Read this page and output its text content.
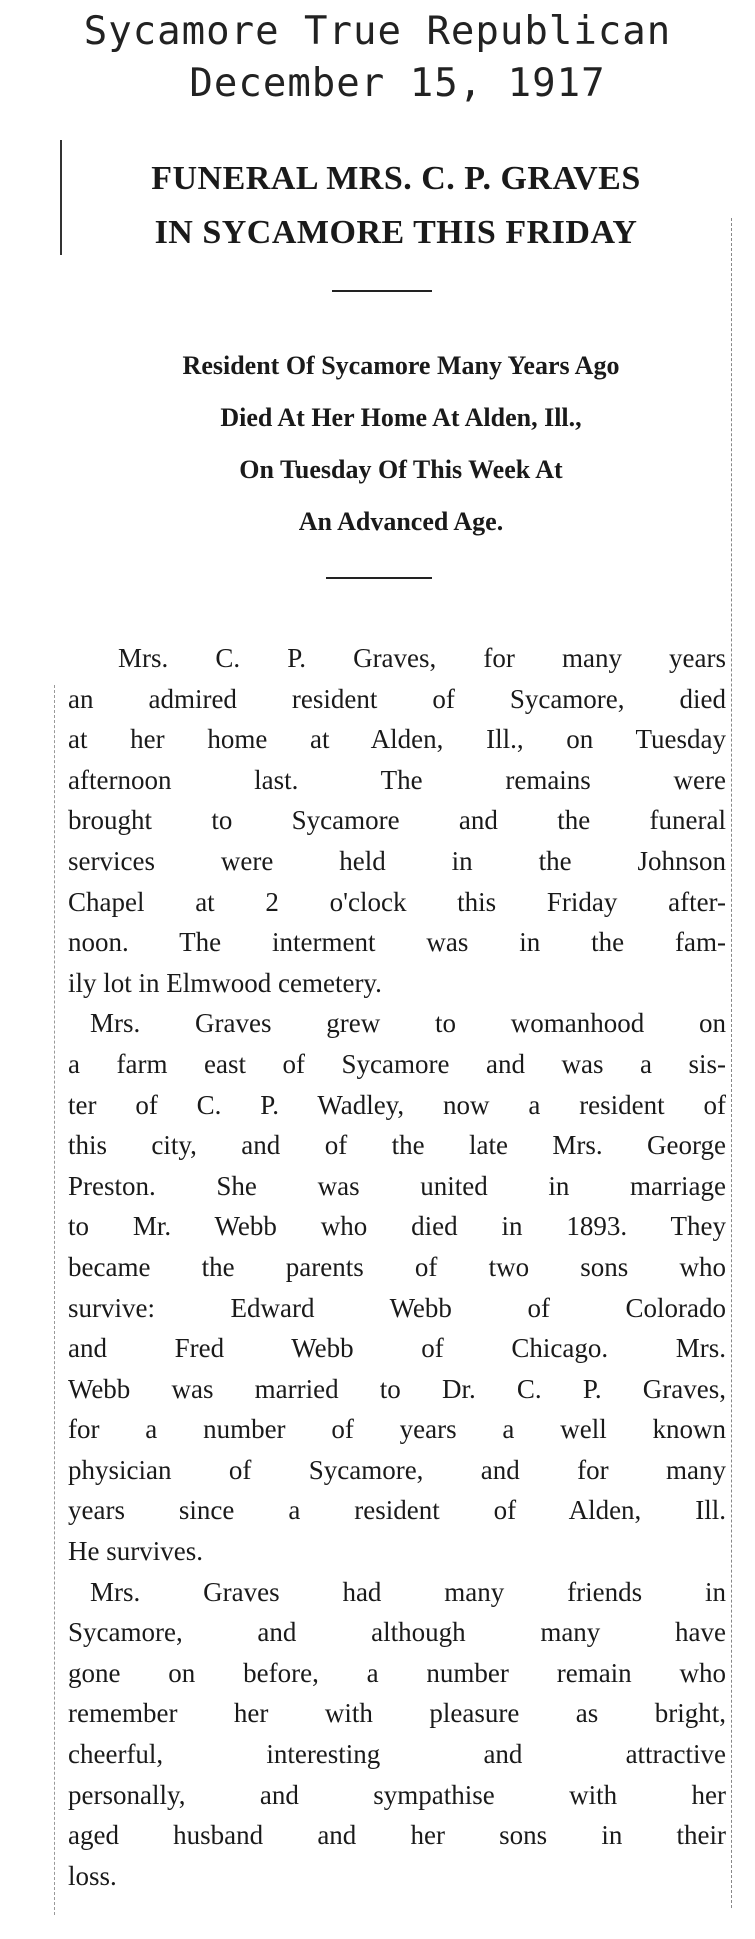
Sycamore True Republican
December 15, 1917
FUNERAL MRS. C. P. GRAVES
IN SYCAMORE THIS FRIDAY
Resident Of Sycamore Many Years Ago
Died At Her Home At Alden, Ill.,
On Tuesday Of This Week At
An Advanced Age.
Mrs. C. P. Graves, for many years
an admired resident of Sycamore, died
at her home at Alden, Ill., on Tuesday
afternoon last. The remains were
brought to Sycamore and the funeral
services were held in the Johnson
Chapel at 2 o'clock this Friday after-
noon. The interment was in the fam-
ily lot in Elmwood cemetery.
Mrs. Graves grew to womanhood on
a farm east of Sycamore and was a sis-
ter of C. P. Wadley, now a resident of
this city, and of the late Mrs. George
Preston. She was united in marriage
to Mr. Webb who died in 1893. They
became the parents of two sons who
survive: Edward Webb of Colorado
and Fred Webb of Chicago. Mrs.
Webb was married to Dr. C. P. Graves,
for a number of years a well known
physician of Sycamore, and for many
years since a resident of Alden, Ill.
He survives.
Mrs. Graves had many friends in
Sycamore, and although many have
gone on before, a number remain who
remember her with pleasure as bright,
cheerful, interesting and attractive
personally, and sympathise with her
aged husband and her sons in their
loss.
